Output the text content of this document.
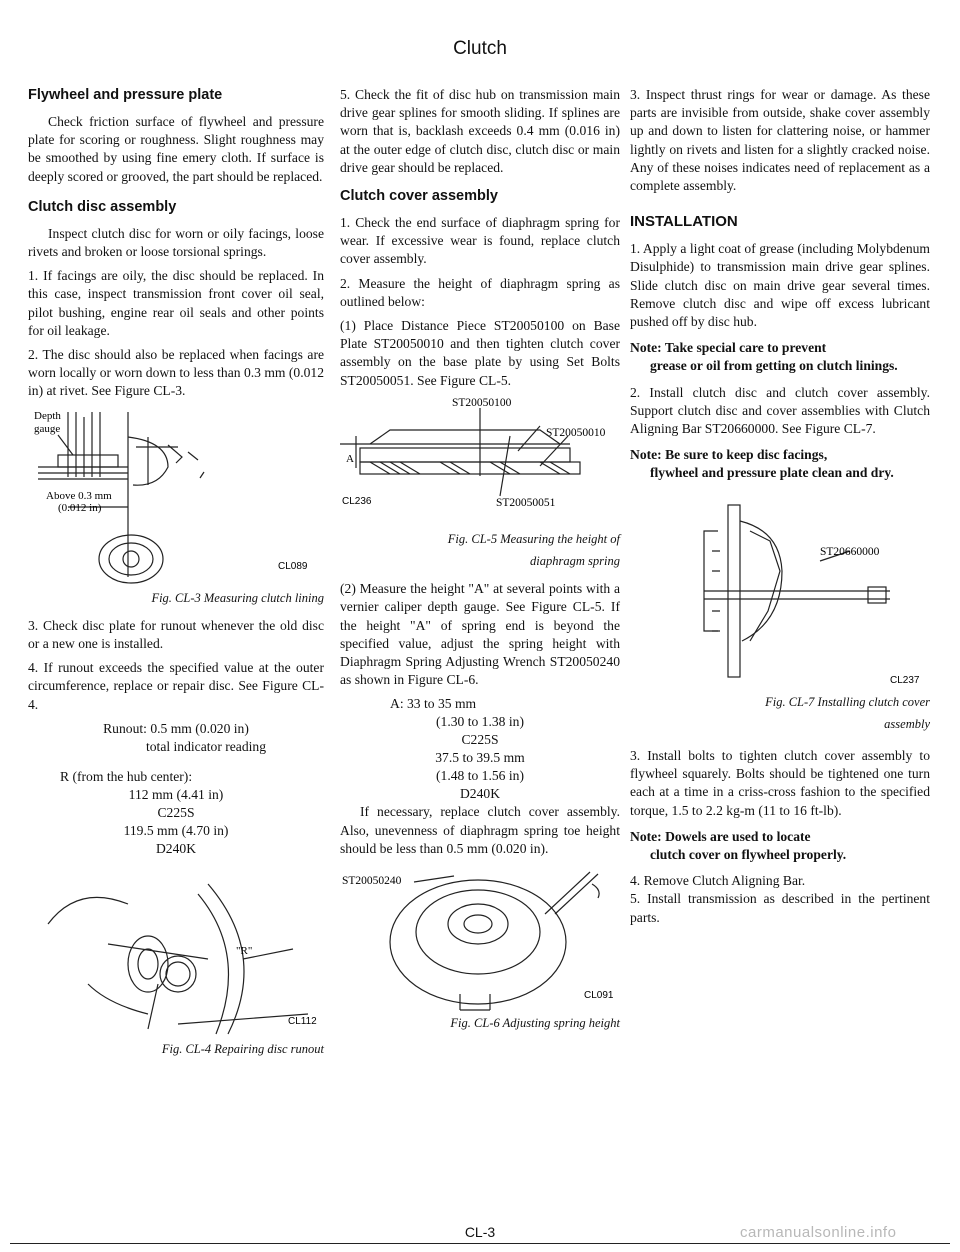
Clutch
Flywheel and pressure plate

Check friction surface of flywheel and pressure plate for scoring or roughness. Slight roughness may be smoothed by using fine emery cloth. If surface is deeply scored or grooved, the part should be replaced.

Clutch disc assembly

Inspect clutch disc for worn or oily facings, loose rivets and broken or loose torsional springs.

1. If facings are oily, the disc should be replaced. In this case, inspect transmission front cover oil seal, pilot bushing, engine rear oil seals and other points for oil leakage.

2. The disc should also be replaced when facings are worn locally or worn down to less than 0.3 mm (0.012 in) at rivet. See Figure CL-3.

Depth
gauge
Above 0.3 mm
(0.012 in)
CL089
Fig. CL-3 Measuring clutch lining

3. Check disc plate for runout whenever the old disc or a new one is installed.

4. If runout exceeds the specified value at the outer circumference, replace or repair disc. See Figure CL-4.

Runout: 0.5 mm (0.020 in)

total indicator reading

R (from the hub center):

112 mm (4.41 in)

C225S

119.5 mm (4.70 in)

D240K

"R"
CL112
Fig. CL-4 Repairing disc runout

5. Check the fit of disc hub on transmission main drive gear splines for smooth sliding. If splines are worn that is, backlash exceeds 0.4 mm (0.016 in) at the outer edge of clutch disc, clutch disc or main drive gear should be replaced.

Clutch cover assembly

1. Check the end surface of diaphragm spring for wear. If excessive wear is found, replace clutch cover assembly.

2. Measure the height of diaphragm spring as outlined below:

(1) Place Distance Piece ST20050100 on Base Plate ST20050010 and then tighten clutch cover assembly on the base plate by using Set Bolts ST20050051. See Figure CL-5.

ST20050100
ST20050010
A
CL236	ST20050051
Fig. CL-5 Measuring the height of
diaphragm spring

(2) Measure the height "A" at several points with a vernier caliper depth gauge. See Figure CL-5. If the height "A" of spring end is beyond the specified value, adjust the spring height with Diaphragm Spring Adjusting Wrench ST20050240 as shown in Figure CL-6.

A: 33 to 35 mm

(1.30 to 1.38 in)

C225S

37.5 to 39.5 mm

(1.48 to 1.56 in)

D240K

If necessary, replace clutch cover assembly. Also, unevenness of diaphragm spring toe height should be less than 0.5 mm (0.020 in).

ST20050240
CL091
Fig. CL-6 Adjusting spring height

3. Inspect thrust rings for wear or damage. As these parts are invisible from outside, shake cover assembly up and down to listen for clattering noise, or hammer lightly on rivets and listen for a slightly cracked noise. Any of these noises indicates need of replacement as a complete assembly.

INSTALLATION

1. Apply a light coat of grease (including Molybdenum Disulphide) to transmission main drive gear splines. Slide clutch disc on main drive gear several times. Remove clutch disc and wipe off excess lubricant pushed off by disc hub.

Note: Take special care to prevent
grease or oil from getting on clutch linings.

2. Install clutch disc and clutch cover assembly. Support clutch disc and cover assemblies with Clutch Aligning Bar ST20660000. See Figure CL-7.

Note: Be sure to keep disc facings,
flywheel and pressure plate clean and dry.
ST20660000
CL237
Fig. CL-7 Installing clutch cover
assembly

3. Install bolts to tighten clutch cover assembly to flywheel squarely. Bolts should be tightened one turn each at a time in a criss-cross fashion to the specified torque, 1.5 to 2.2 kg-m (11 to 16 ft-lb).

Note: Dowels are used to locate
clutch cover on flywheel properly.

4. Remove Clutch Aligning Bar.

5. Install transmission as described in the pertinent parts.

CL-3	carmanualsonline.info
